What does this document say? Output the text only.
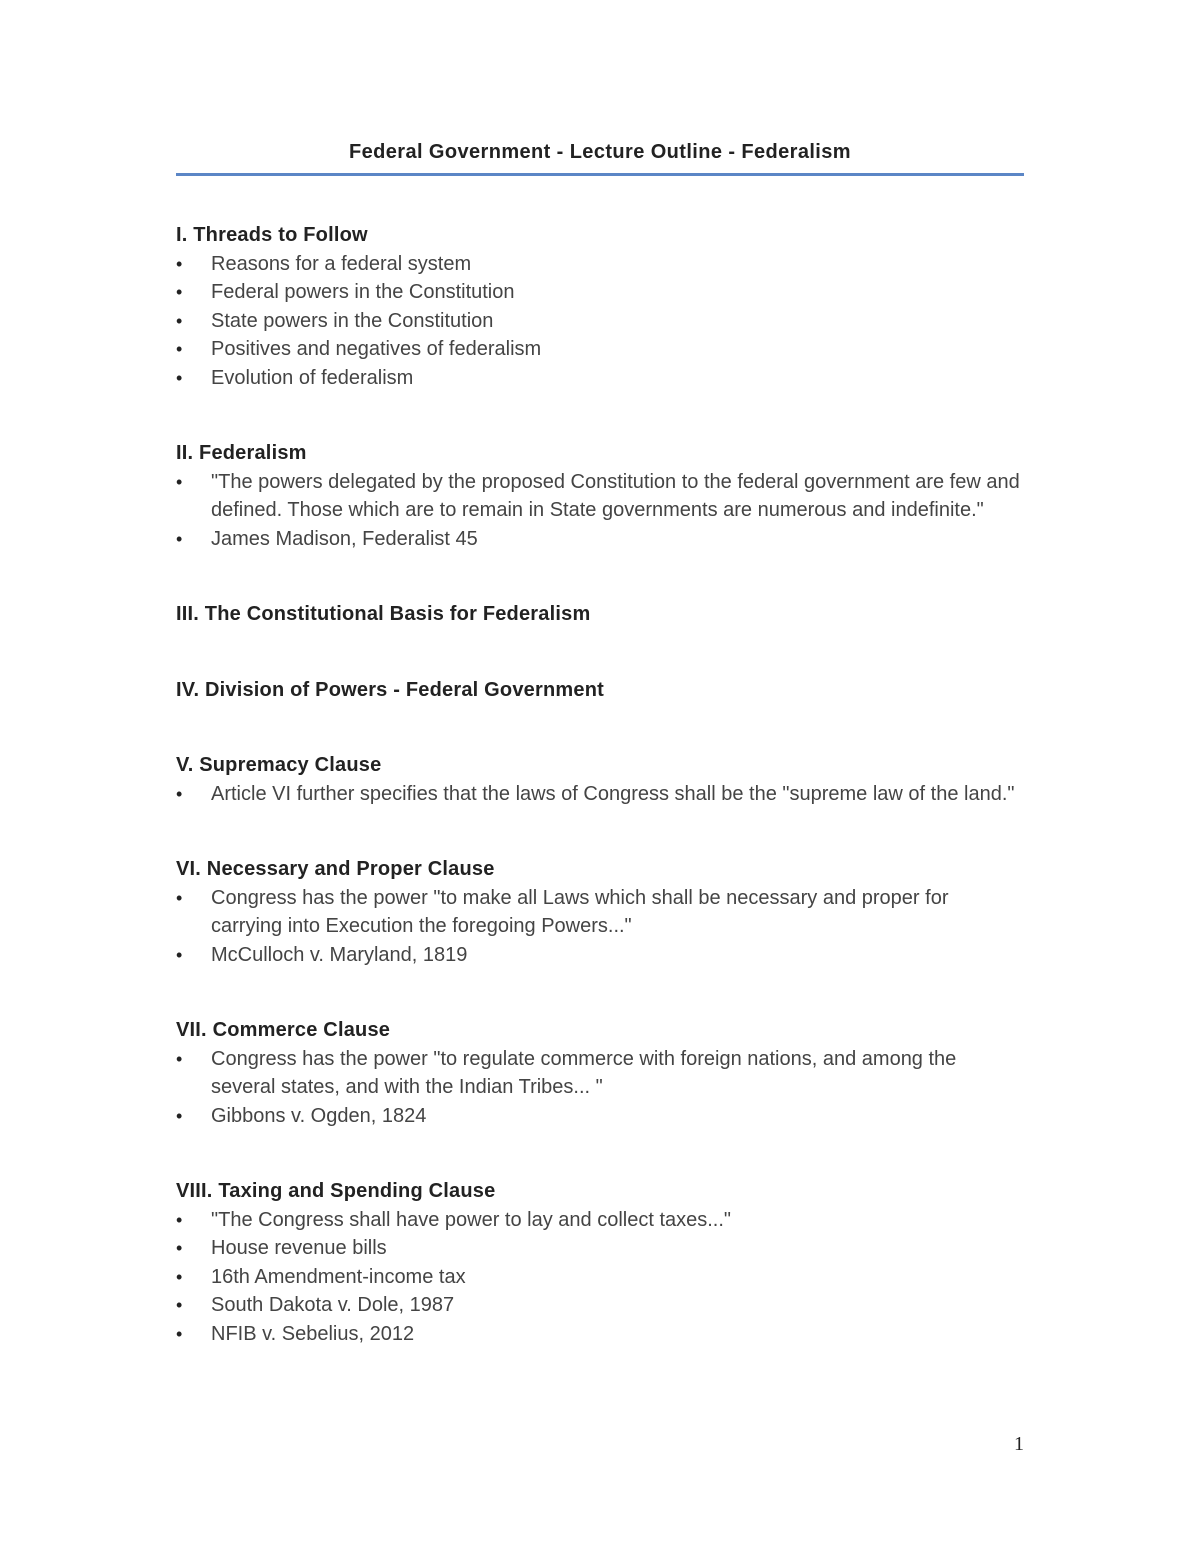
Federal Government - Lecture Outline - Federalism
I. Threads to Follow
• Reasons for a federal system
• Federal powers in the Constitution
• State powers in the Constitution
• Positives and negatives of federalism
• Evolution of federalism
II. Federalism
• "The powers delegated by the proposed Constitution to the federal government are few and defined. Those which are to remain in State governments are numerous and indefinite."
• James Madison, Federalist 45
III. The Constitutional Basis for Federalism
IV. Division of Powers - Federal Government
V. Supremacy Clause
• Article VI further specifies that the laws of Congress shall be the "supreme law of the land."
VI. Necessary and Proper Clause
• Congress has the power "to make all Laws which shall be necessary and proper for carrying into Execution the foregoing Powers..."
• McCulloch v. Maryland, 1819
VII. Commerce Clause
• Congress has the power "to regulate commerce with foreign nations, and among the several states, and with the Indian Tribes... "
• Gibbons v. Ogden, 1824
VIII. Taxing and Spending Clause
• "The Congress shall have power to lay and collect taxes..."
• House revenue bills
• 16th Amendment-income tax
• South Dakota v. Dole, 1987
• NFIB v. Sebelius, 2012
1
